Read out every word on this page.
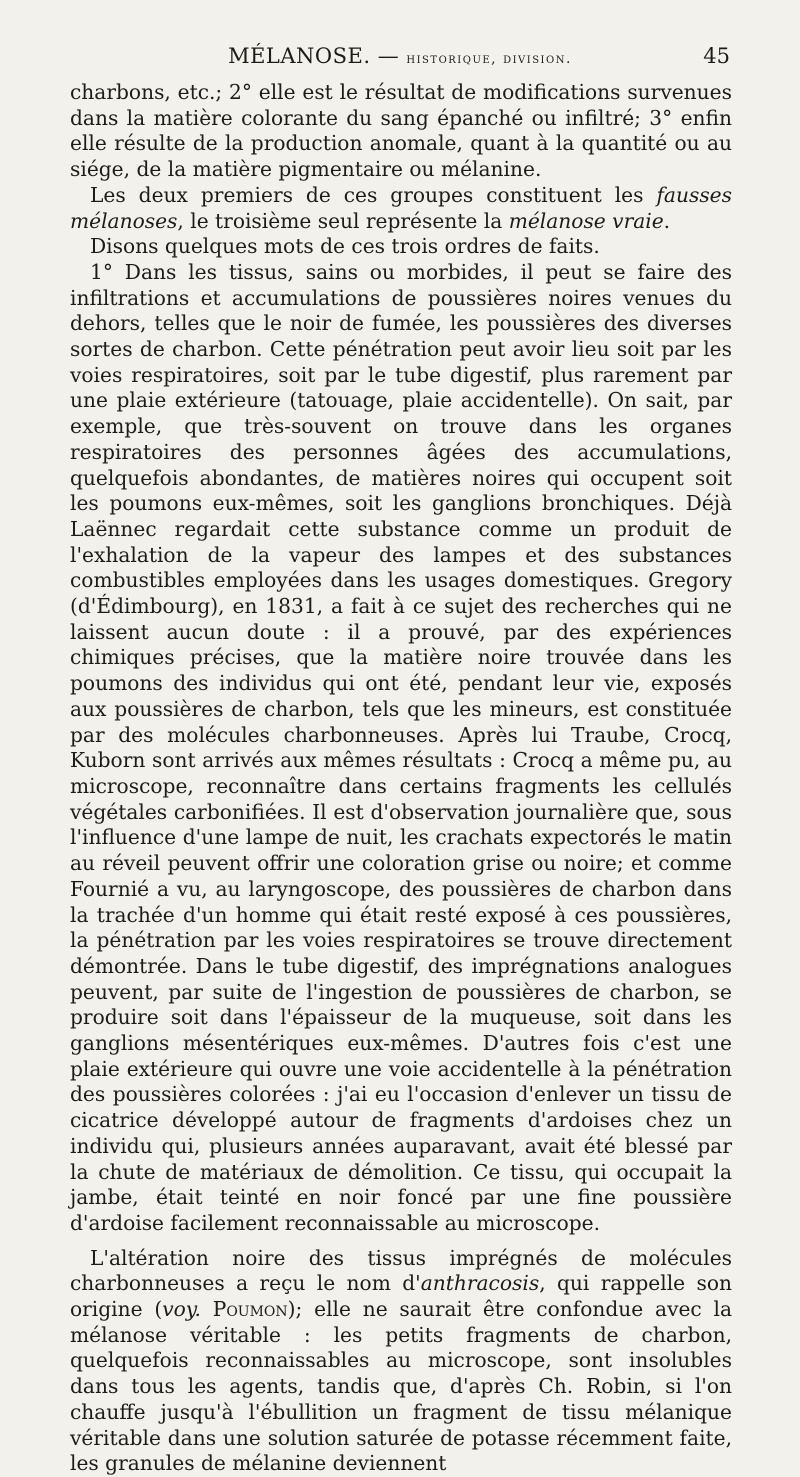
MÉLANOSE. — historique, division.	45

charbons, etc.; 2° elle est le résultat de modifications survenues dans la matière colorante du sang épanché ou infiltré; 3° enfin elle résulte de la production anomale, quant à la quantité ou au siége, de la matière pigmentaire ou mélanine.

Les deux premiers de ces groupes constituent les fausses mélanoses, le troisième seul représente la mélanose vraie.

Disons quelques mots de ces trois ordres de faits.

1° Dans les tissus, sains ou morbides, il peut se faire des infiltrations et accumulations de poussières noires venues du dehors, telles que le noir de fumée, les poussières des diverses sortes de charbon. Cette pénétration peut avoir lieu soit par les voies respiratoires, soit par le tube digestif, plus rarement par une plaie extérieure (tatouage, plaie accidentelle). On sait, par exemple, que très-souvent on trouve dans les organes respiratoires des personnes âgées des accumulations, quelquefois abondantes, de matières noires qui occupent soit les poumons eux-mêmes, soit les ganglions bronchiques. Déjà Laënnec regardait cette substance comme un produit de l'exhalation de la vapeur des lampes et des substances combustibles employées dans les usages domestiques. Gregory (d'Édimbourg), en 1831, a fait à ce sujet des recherches qui ne laissent aucun doute : il a prouvé, par des expériences chimiques précises, que la matière noire trouvée dans les poumons des individus qui ont été, pendant leur vie, exposés aux poussières de charbon, tels que les mineurs, est constituée par des molécules charbonneuses. Après lui Traube, Crocq, Kuborn sont arrivés aux mêmes résultats : Crocq a même pu, au microscope, reconnaître dans certains fragments les cellulés végétales carbonifiées. Il est d'observation journalière que, sous l'influence d'une lampe de nuit, les crachats expectorés le matin au réveil peuvent offrir une coloration grise ou noire; et comme Fournié a vu, au laryngoscope, des poussières de charbon dans la trachée d'un homme qui était resté exposé à ces poussières, la pénétration par les voies respiratoires se trouve directement démontrée. Dans le tube digestif, des imprégnations analogues peuvent, par suite de l'ingestion de poussières de charbon, se produire soit dans l'épaisseur de la muqueuse, soit dans les ganglions mésentériques eux-mêmes. D'autres fois c'est une plaie extérieure qui ouvre une voie accidentelle à la pénétration des poussières colorées : j'ai eu l'occasion d'enlever un tissu de cicatrice développé autour de fragments d'ardoises chez un individu qui, plusieurs années auparavant, avait été blessé par la chute de matériaux de démolition. Ce tissu, qui occupait la jambe, était teinté en noir foncé par une fine poussière d'ardoise facilement reconnaissable au microscope.

L'altération noire des tissus imprégnés de molécules charbonneuses a reçu le nom d'anthracosis, qui rappelle son origine (voy. Poumon); elle ne saurait être confondue avec la mélanose véritable : les petits fragments de charbon, quelquefois reconnaissables au microscope, sont insolubles dans tous les agents, tandis que, d'après Ch. Robin, si l'on chauffe jusqu'à l'ébullition un fragment de tissu mélanique véritable dans une solution saturée de potasse récemment faite, les granules de mélanine deviennent
